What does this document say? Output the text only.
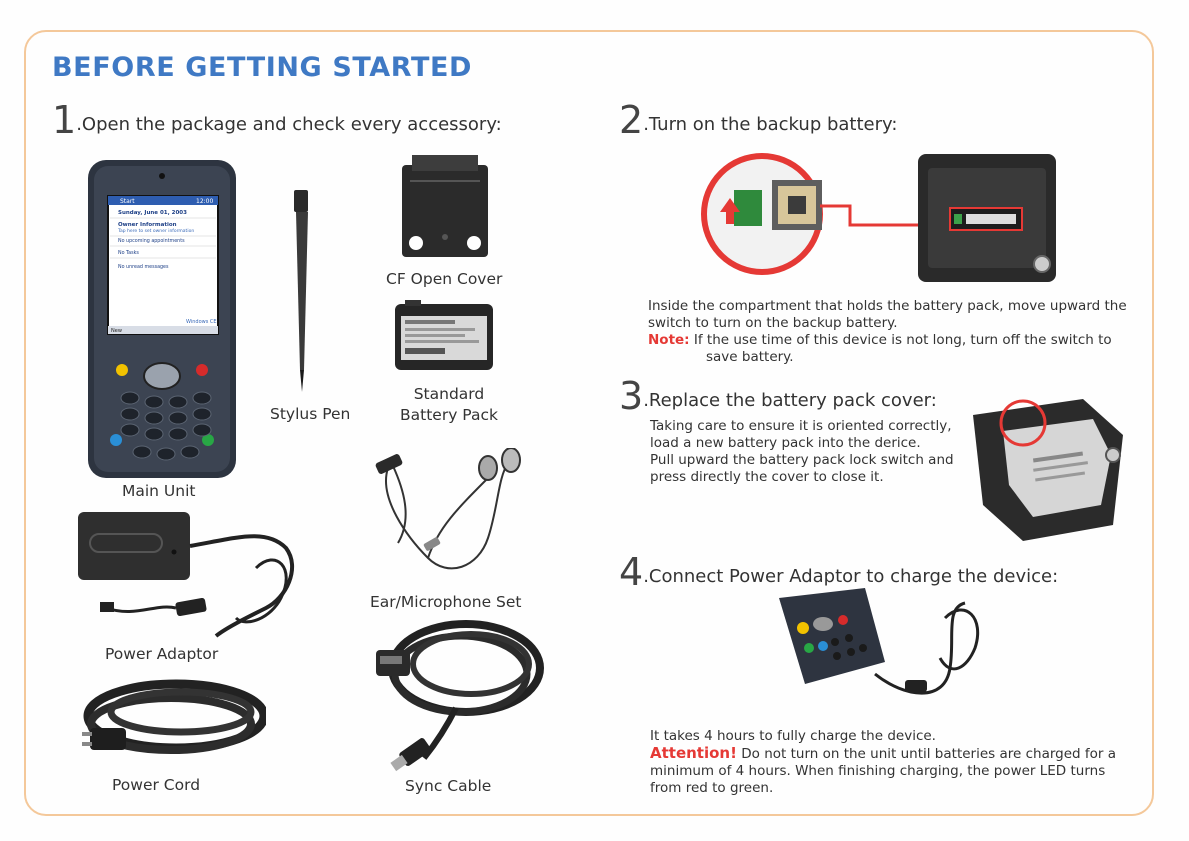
BEFORE GETTING STARTED
1.Open the package and check every accessory:
Start	12:00
Sunday, June 01, 2003
Owner Information
Tap here to set owner information
No upcoming appointments
No Tasks
No unread messages
Windows CE
New
Main Unit
Stylus Pen
CF Open Cover
Standard
Battery Pack
Ear/Microphone Set
Power Adaptor
Power Cord	Sync Cable
2.Turn on the backup battery:
Inside the compartment that holds the battery pack, move upward the
switch to turn on the backup battery.
Note: If the use time of this device is not long, turn off the switch to
save battery.
3.Replace the battery pack cover:
Taking care to ensure it is oriented correctly,
load a new battery pack into the derice.
Pull upward the battery pack lock switch and
press directly the cover to close it.
4.Connect Power Adaptor to charge the device:
It takes 4 hours to fully charge the device.
Attention! Do not turn on the unit until batteries are charged for a
minimum of 4 hours. When finishing charging, the power LED turns
from red to green.
